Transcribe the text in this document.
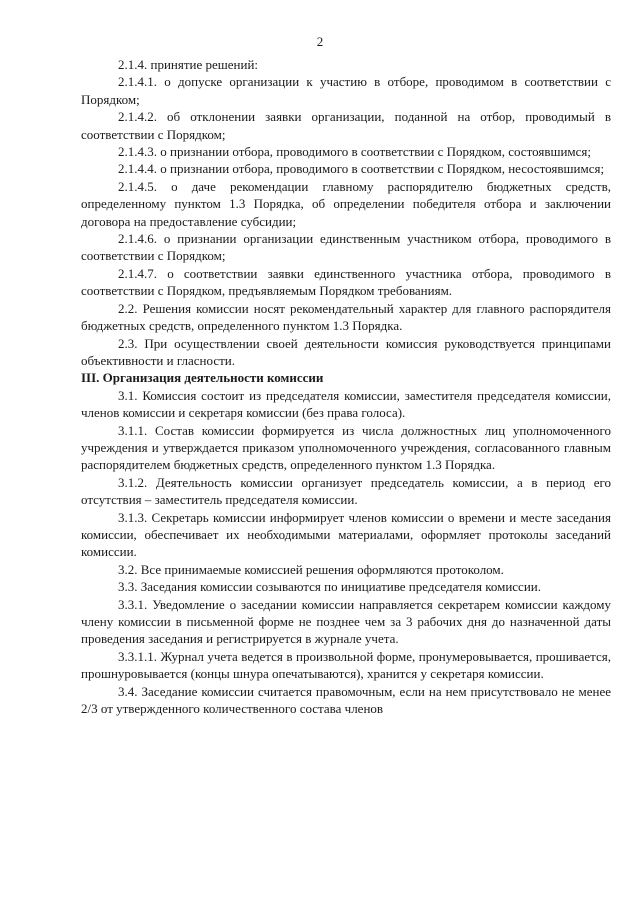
2

2.1.4. принятие решений:

2.1.4.1. о допуске организации к участию в отборе, проводимом в соответствии с Порядком;

2.1.4.2. об отклонении заявки организации, поданной на отбор, проводимый в соответствии с Порядком;

2.1.4.3. о признании отбора, проводимого в соответствии с Порядком, состоявшимся;

2.1.4.4. о признании отбора, проводимого в соответствии с Порядком, несостоявшимся;

2.1.4.5. о даче рекомендации главному распорядителю бюджетных средств, определенному пунктом 1.3 Порядка, об определении победителя отбора и заключении договора на предоставление субсидии;

2.1.4.6. о признании организации единственным участником отбора, проводимого в соответствии с Порядком;

2.1.4.7. о соответствии заявки единственного участника отбора, проводимого в соответствии с Порядком, предъявляемым Порядком требованиям.

2.2. Решения комиссии носят рекомендательный характер для главного распорядителя бюджетных средств, определенного пунктом 1.3 Порядка.

2.3. При осуществлении своей деятельности комиссия руководствуется принципами объективности и гласности.

III. Организация деятельности комиссии

3.1. Комиссия состоит из председателя комиссии, заместителя председателя комиссии, членов комиссии и секретаря комиссии (без права голоса).

3.1.1. Состав комиссии формируется из числа должностных лиц уполномоченного учреждения и утверждается приказом уполномоченного учреждения, согласованного главным распорядителем бюджетных средств, определенного пунктом 1.3 Порядка.

3.1.2. Деятельность комиссии организует председатель комиссии, а в период его отсутствия – заместитель председателя комиссии.

3.1.3. Секретарь комиссии информирует членов комиссии о времени и месте заседания комиссии, обеспечивает их необходимыми материалами, оформляет протоколы заседаний комиссии.

3.2. Все принимаемые комиссией решения оформляются протоколом.

3.3. Заседания комиссии созываются по инициативе председателя комиссии.

3.3.1. Уведомление о заседании комиссии направляется секретарем комиссии каждому члену комиссии в письменной форме не позднее чем за 3 рабочих дня до назначенной даты проведения заседания и регистрируется в журнале учета.

3.3.1.1. Журнал учета ведется в произвольной форме, пронумеровывается, прошивается, прошнуровывается (концы шнура опечатываются), хранится у секретаря комиссии.

3.4. Заседание комиссии считается правомочным, если на нем присутствовало не менее 2/3 от утвержденного количественного состава членов
